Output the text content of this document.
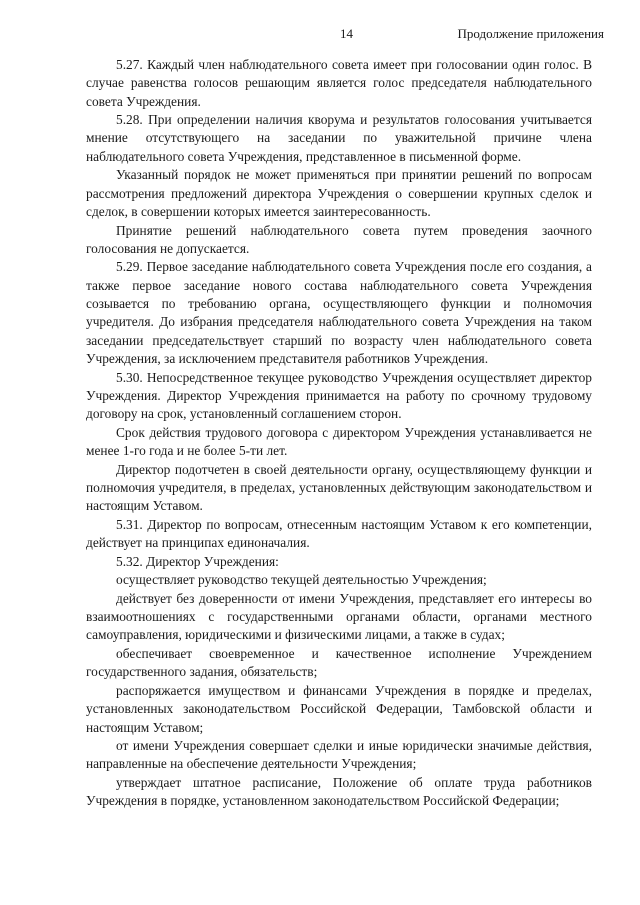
14	Продолжение приложения

5.27. Каждый член наблюдательного совета имеет при голосовании один голос. В случае равенства голосов решающим является голос председателя наблюдательного совета Учреждения.

5.28. При определении наличия кворума и результатов голосования учитывается мнение отсутствующего на заседании по уважительной причине члена наблюдательного совета Учреждения, представленное в письменной форме.

Указанный порядок не может применяться при принятии решений по вопросам рассмотрения предложений директора Учреждения о совершении крупных сделок и сделок, в совершении которых имеется заинтересованность.

Принятие решений наблюдательного совета путем проведения заочного голосования не допускается.

5.29. Первое заседание наблюдательного совета Учреждения после его создания, а также первое заседание нового состава наблюдательного совета Учреждения созывается по требованию органа, осуществляющего функции и полномочия учредителя. До избрания председателя наблюдательного совета Учреждения на таком заседании председательствует старший по возрасту член наблюдательного совета Учреждения, за исключением представителя работников Учреждения.

5.30. Непосредственное текущее руководство Учреждения осуществляет директор Учреждения. Директор Учреждения принимается на работу по срочному трудовому договору на срок, установленный соглашением сторон.

Срок действия трудового договора с директором Учреждения устанавливается не менее 1-го года и не более 5-ти лет.

Директор подотчетен в своей деятельности органу, осуществляющему функции и полномочия учредителя, в пределах, установленных действующим законодательством и настоящим Уставом.

5.31. Директор по вопросам, отнесенным настоящим Уставом к его компетенции, действует на принципах единоначалия.

5.32. Директор Учреждения:

осуществляет руководство текущей деятельностью Учреждения;

действует без доверенности от имени Учреждения, представляет его интересы во взаимоотношениях с государственными органами области, органами местного самоуправления, юридическими и физическими лицами, а также в судах;

обеспечивает своевременное и качественное исполнение Учреждением государственного задания, обязательств;

распоряжается имуществом и финансами Учреждения в порядке и пределах, установленных законодательством Российской Федерации, Тамбовской области и настоящим Уставом;

от имени Учреждения совершает сделки и иные юридически значимые действия, направленные на обеспечение деятельности Учреждения;

утверждает штатное расписание, Положение об оплате труда работников Учреждения в порядке, установленном законодательством Российской Федерации;
